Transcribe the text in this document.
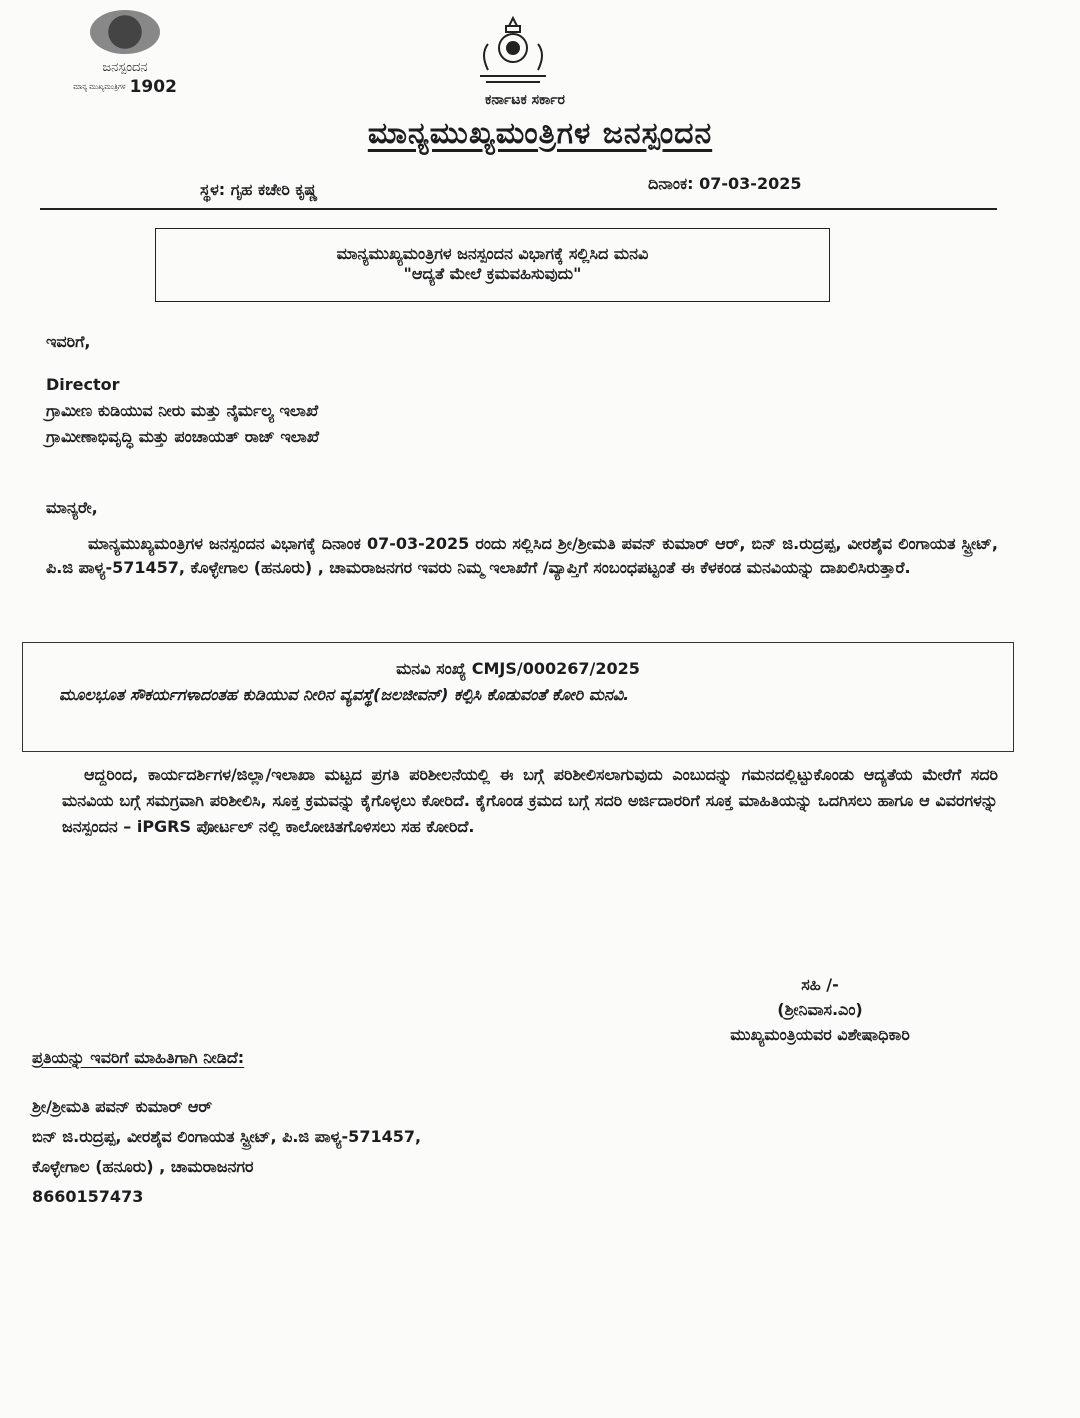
ಜನಸ್ಪಂದನ
ಮಾನ್ಯ ಮುಖ್ಯಮಂತ್ರಿಗಳ 1902
ಕರ್ನಾಟಕ ಸರ್ಕಾರ
ಮಾನ್ಯಮುಖ್ಯಮಂತ್ರಿಗಳ ಜನಸ್ಪಂದನ
ಸ್ಥಳ: ಗೃಹ ಕಚೇರಿ ಕೃಷ್ಣ	ದಿನಾಂಕ: 07-03-2025
ಮಾನ್ಯಮುಖ್ಯಮಂತ್ರಿಗಳ ಜನಸ್ಪಂದನ ವಿಭಾಗಕ್ಕೆ ಸಲ್ಲಿಸಿದ ಮನವಿ
"ಆದ್ಯತೆ ಮೇಲೆ ಕ್ರಮವಹಿಸುವುದು"
ಇವರಿಗೆ,
Director
ಗ್ರಾಮೀಣ ಕುಡಿಯುವ ನೀರು ಮತ್ತು ನೈರ್ಮಲ್ಯ ಇಲಾಖೆ
ಗ್ರಾಮೀಣಾಭಿವೃದ್ಧಿ ಮತ್ತು ಪಂಚಾಯತ್ ರಾಜ್ ಇಲಾಖೆ
ಮಾನ್ಯರೇ,
ಮಾನ್ಯಮುಖ್ಯಮಂತ್ರಿಗಳ ಜನಸ್ಪಂದನ ವಿಭಾಗಕ್ಕೆ ದಿನಾಂಕ 07-03-2025 ರಂದು ಸಲ್ಲಿಸಿದ ಶ್ರೀ/ಶ್ರೀಮತಿ ಪವನ್ ಕುಮಾರ್ ಆರ್, ಬಿನ್ ಜಿ.ರುದ್ರಪ್ಪ, ವೀರಶೈವ ಲಿಂಗಾಯತ ಸ್ಟ್ರೀಟ್, ಪಿ.ಜಿ ಪಾಳ್ಯ-571457, ಕೊಳ್ಳೇಗಾಲ (ಹನೂರು) , ಚಾಮರಾಜನಗರ ಇವರು ನಿಮ್ಮ ಇಲಾಖೆಗೆ /ವ್ಯಾಪ್ತಿಗೆ ಸಂಬಂಧಪಟ್ಟಂತೆ ಈ ಕೆಳಕಂಡ ಮನವಿಯನ್ನು ದಾಖಲಿಸಿರುತ್ತಾರೆ.
ಮನವಿ ಸಂಖ್ಯೆ CMJS/000267/2025
ಮೂಲಭೂತ ಸೌಕರ್ಯಗಳಾದಂತಹ ಕುಡಿಯುವ ನೀರಿನ ವ್ಯವಸ್ಥೆ(ಜಲಜೀವನ್) ಕಲ್ಪಿಸಿ ಕೊಡುವಂತೆ ಕೋರಿ ಮನವಿ.
ಆದ್ದರಿಂದ, ಕಾರ್ಯದರ್ಶಿಗಳ/ಜಿಲ್ಲಾ/ಇಲಾಖಾ ಮಟ್ಟದ ಪ್ರಗತಿ ಪರಿಶೀಲನೆಯಲ್ಲಿ ಈ ಬಗ್ಗೆ ಪರಿಶೀಲಿಸಲಾಗುವುದು ಎಂಬುದನ್ನು ಗಮನದಲ್ಲಿಟ್ಟುಕೊಂಡು ಆದ್ಯತೆಯ ಮೇರೆಗೆ ಸದರಿ ಮನವಿಯ ಬಗ್ಗೆ ಸಮಗ್ರವಾಗಿ ಪರಿಶೀಲಿಸಿ, ಸೂಕ್ತ ಕ್ರಮವನ್ನು ಕೈಗೊಳ್ಳಲು ಕೋರಿದೆ. ಕೈಗೊಂಡ ಕ್ರಮದ ಬಗ್ಗೆ ಸದರಿ ಅರ್ಜಿದಾರರಿಗೆ ಸೂಕ್ತ ಮಾಹಿತಿಯನ್ನು ಒದಗಿಸಲು ಹಾಗೂ ಆ ವಿವರಗಳನ್ನು ಜನಸ್ಪಂದನ – iPGRS ಪೋರ್ಟಲ್ ನಲ್ಲಿ ಕಾಲೋಚಿತಗೊಳಿಸಲು ಸಹ ಕೋರಿದೆ.
ಸಹಿ /-
(ಶ್ರೀನಿವಾಸ.ಎಂ)
ಮುಖ್ಯಮಂತ್ರಿಯವರ ವಿಶೇಷಾಧಿಕಾರಿ
ಪ್ರತಿಯನ್ನು ಇವರಿಗೆ ಮಾಹಿತಿಗಾಗಿ ನೀಡಿದೆ:
ಶ್ರೀ/ಶ್ರೀಮತಿ ಪವನ್ ಕುಮಾರ್ ಆರ್
ಬಿನ್ ಜಿ.ರುದ್ರಪ್ಪ, ವೀರಶೈವ ಲಿಂಗಾಯತ ಸ್ಟ್ರೀಟ್, ಪಿ.ಜಿ ಪಾಳ್ಯ-571457,
ಕೊಳ್ಳೇಗಾಲ (ಹನೂರು) , ಚಾಮರಾಜನಗರ
8660157473
